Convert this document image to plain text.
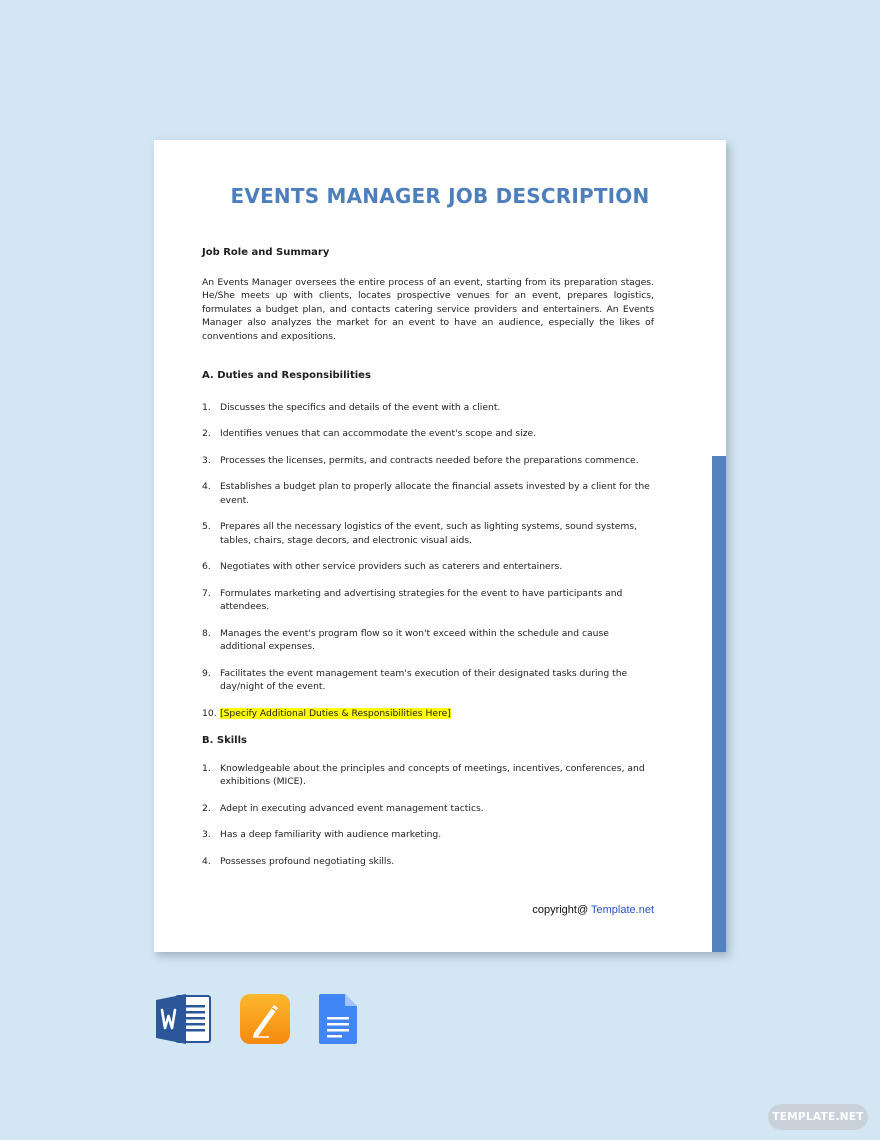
EVENTS MANAGER JOB DESCRIPTION

Job Role and Summary

An Events Manager oversees the entire process of an event, starting from its preparation stages. He/She meets up with clients, locates prospective venues for an event, prepares logistics, formulates a budget plan, and contacts catering service providers and entertainers. An Events Manager also analyzes the market for an event to have an audience, especially the likes of conventions and expositions.

A. Duties and Responsibilities

1. Discusses the specifics and details of the event with a client.
2. Identifies venues that can accommodate the event's scope and size.
3. Processes the licenses, permits, and contracts needed before the preparations commence.
4. Establishes a budget plan to properly allocate the financial assets invested by a client for the event.
5. Prepares all the necessary logistics of the event, such as lighting systems, sound systems, tables, chairs, stage decors, and electronic visual aids.
6. Negotiates with other service providers such as caterers and entertainers.
7. Formulates marketing and advertising strategies for the event to have participants and attendees.
8. Manages the event's program flow so it won't exceed within the schedule and cause additional expenses.
9. Facilitates the event management team's execution of their designated tasks during the day/night of the event.
10. [Specify Additional Duties & Responsibilities Here]

B. Skills

1. Knowledgeable about the principles and concepts of meetings, incentives, conferences, and exhibitions (MICE).
2. Adept in executing advanced event management tactics.
3. Has a deep familiarity with audience marketing.
4. Possesses profound negotiating skills.
copyright@ Template.net
TEMPLATE.NET
